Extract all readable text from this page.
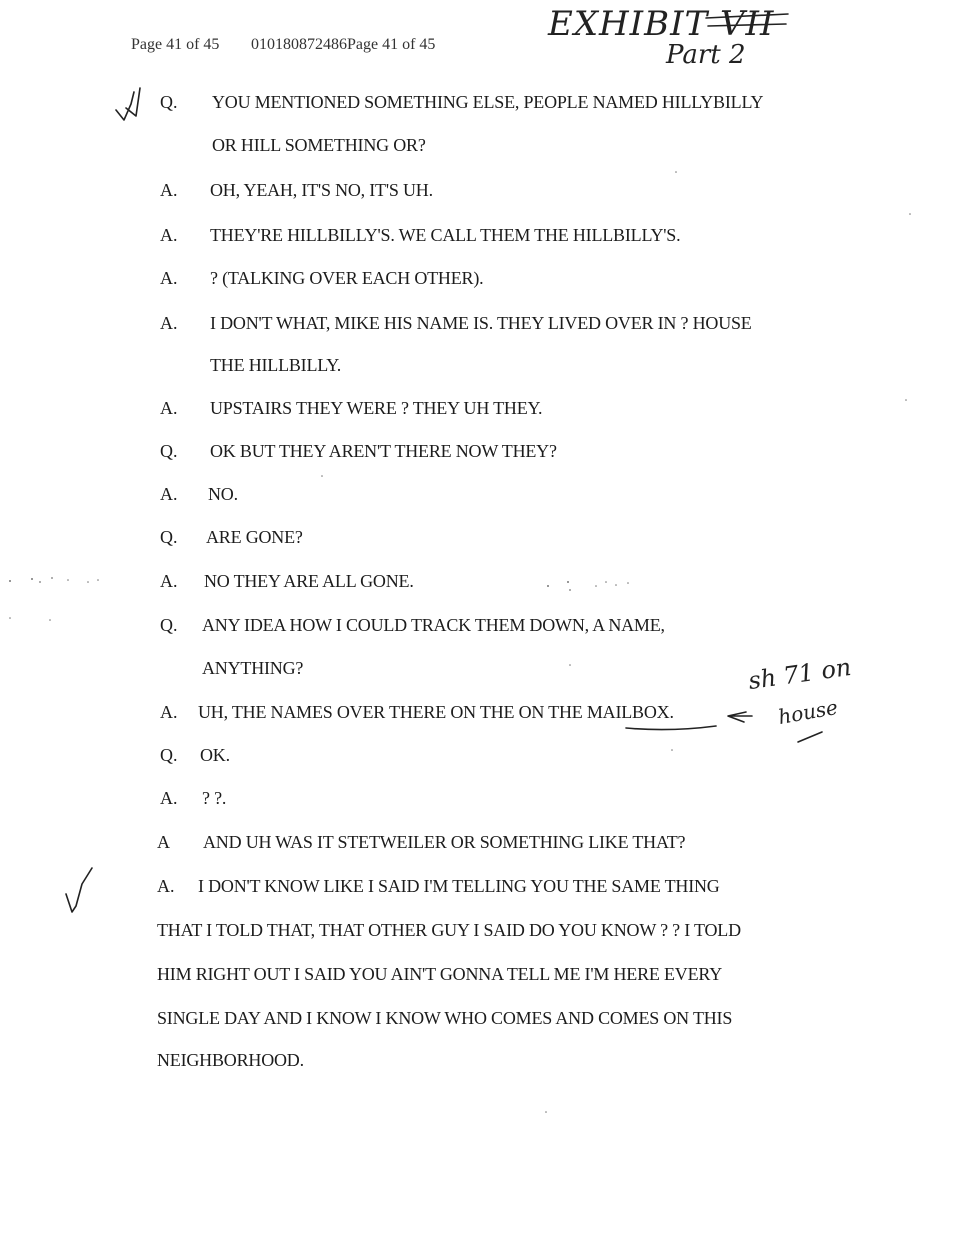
Page 41 of 45 010180872486Page 41 of 45
EXHIBIT VII
Part 2
sh 71 on
house
Q. YOU MENTIONED SOMETHING ELSE, PEOPLE NAMED HILLYBILLY
OR HILL SOMETHING OR?
A. OH, YEAH, IT'S NO, IT'S UH.
A. THEY'RE HILLBILLY'S. WE CALL THEM THE HILLBILLY'S.
A. ? (TALKING OVER EACH OTHER).
A. I DON'T WHAT, MIKE HIS NAME IS. THEY LIVED OVER IN ? HOUSE
THE HILLBILLY.
A. UPSTAIRS THEY WERE ? THEY UH THEY.
Q. OK BUT THEY AREN'T THERE NOW THEY?
A. NO.
Q. ARE GONE?
A. NO THEY ARE ALL GONE.
Q. ANY IDEA HOW I COULD TRACK THEM DOWN, A NAME,
ANYTHING?
A. UH, THE NAMES OVER THERE ON THE ON THE MAILBOX.
Q. OK.
A. ? ?.
A AND UH WAS IT STETWEILER OR SOMETHING LIKE THAT?
A. I DON'T KNOW LIKE I SAID I'M TELLING YOU THE SAME THING
THAT I TOLD THAT, THAT OTHER GUY I SAID DO YOU KNOW ? ? I TOLD
HIM RIGHT OUT I SAID YOU AIN'T GONNA TELL ME I'M HERE EVERY
SINGLE DAY AND I KNOW I KNOW WHO COMES AND COMES ON THIS
NEIGHBORHOOD.
